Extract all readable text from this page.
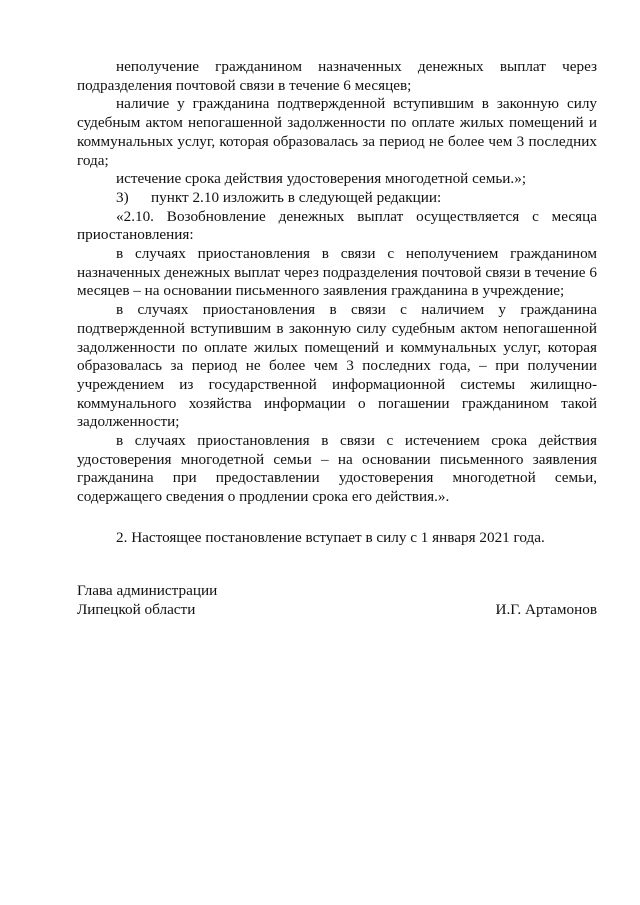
неполучение гражданином назначенных денежных выплат через подразделения почтовой связи в течение 6 месяцев;

наличие у гражданина подтвержденной вступившим в законную силу судебным актом непогашенной задолженности по оплате жилых помещений и коммунальных услуг, которая образовалась за период не более чем 3 последних года;

истечение срока действия удостоверения многодетной семьи.»;

3) пункт 2.10 изложить в следующей редакции:

«2.10. Возобновление денежных выплат осуществляется с месяца приостановления:

в случаях приостановления в связи с неполучением гражданином назначенных денежных выплат через подразделения почтовой связи в течение 6 месяцев – на основании письменного заявления гражданина в учреждение;

в случаях приостановления в связи с наличием у гражданина подтвержденной вступившим в законную силу судебным актом непогашенной задолженности по оплате жилых помещений и коммунальных услуг, которая образовалась за период не более чем 3 последних года, – при получении учреждением из государственной информационной системы жилищно-коммунального хозяйства информации о погашении гражданином такой задолженности;

в случаях приостановления в связи с истечением срока действия удостоверения многодетной семьи – на основании письменного заявления гражданина при предоставлении удостоверения многодетной семьи, содержащего сведения о продлении срока его действия.».

2. Настоящее постановление вступает в силу с 1 января 2021 года.

Глава администрации
Липецкой области	И.Г. Артамонов
